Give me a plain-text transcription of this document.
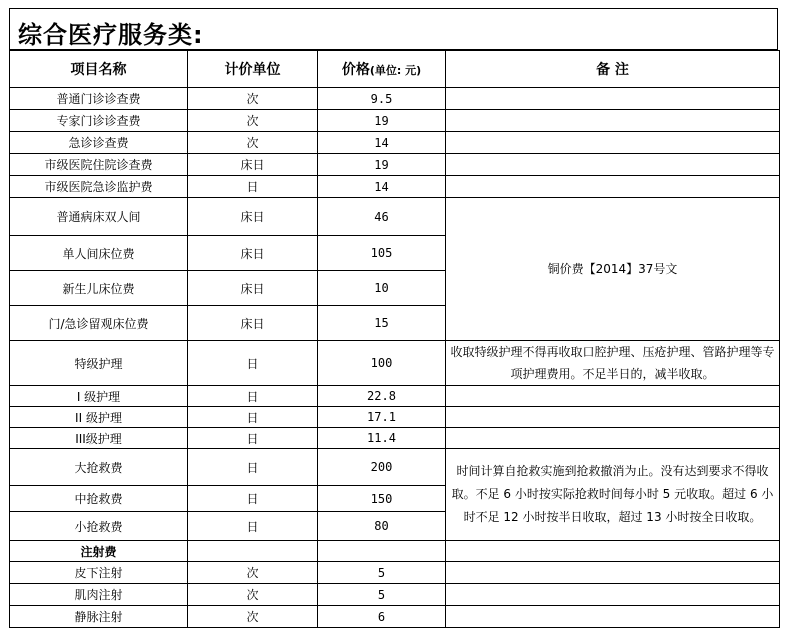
综合医疗服务类:
项目名称	计价单位	价格(单位: 元)	备 注
普通门诊诊查费	次	9.5	
专家门诊诊查费	次	19	
急诊诊查费	次	14	
市级医院住院诊查费	床日	19	
市级医院急诊监护费	日	14	
普通病床双人间	床日	46	铜价费【2014】37号文
单人间床位费	床日	105	
新生儿床位费	床日	10	
门/急诊留观床位费	床日	15	
特级护理	日	100	收取特级护理不得再收取口腔护理、压疮护理、管路护理等专项护理费用。不足半日的，减半收取。
I 级护理	日	22.8	
II 级护理	日	17.1	
III级护理	日	11.4	
大抢救费	日	200	时间计算自抢救实施到抢救撤消为止。没有达到要求不得收取。不足 6 小时按实际抢救时间每小时 5 元收取。超过 6 小时不足 12 小时按半日收取，超过 13 小时按全日收取。
中抢救费	日	150	
小抢救费	日	80	
注射费			
皮下注射	次	5	
肌肉注射	次	5	
静脉注射	次	6	
